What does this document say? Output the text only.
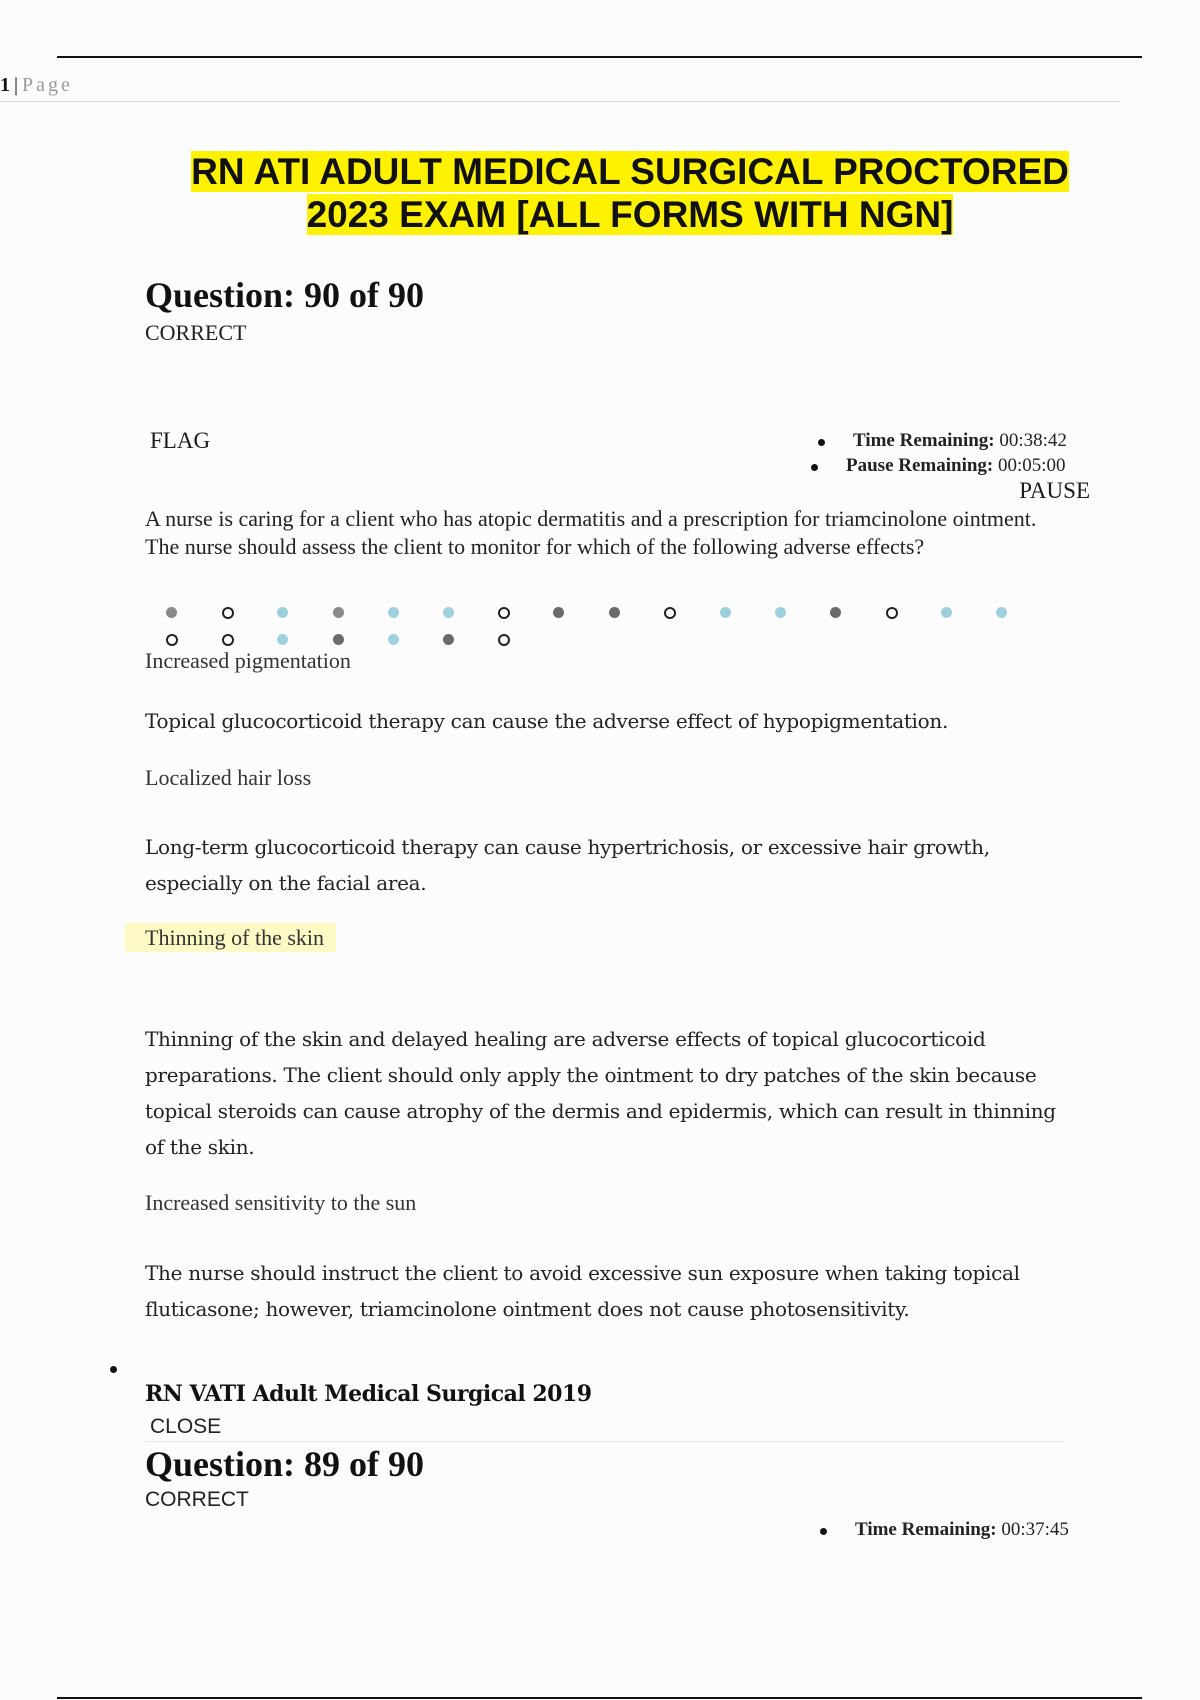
1 | Page
RN ATI ADULT MEDICAL SURGICAL PROCTORED
2023 EXAM [ALL FORMS WITH NGN]
Question: 90 of 90
CORRECT
FLAG	Time Remaining: 00:38:42
Pause Remaining: 00:05:00
PAUSE
A nurse is caring for a client who has atopic dermatitis and a prescription for triamcinolone ointment. The nurse should assess the client to monitor for which of the following adverse effects?
Increased pigmentation
Topical glucocorticoid therapy can cause the adverse effect of hypopigmentation.
Localized hair loss
Long-term glucocorticoid therapy can cause hypertrichosis, or excessive hair growth, especially on the facial area.
Thinning of the skin
Thinning of the skin and delayed healing are adverse effects of topical glucocorticoid preparations. The client should only apply the ointment to dry patches of the skin because topical steroids can cause atrophy of the dermis and epidermis, which can result in thinning of the skin.
Increased sensitivity to the sun
The nurse should instruct the client to avoid excessive sun exposure when taking topical fluticasone; however, triamcinolone ointment does not cause photosensitivity.
RN VATI Adult Medical Surgical 2019
CLOSE
Question: 89 of 90
CORRECT
Time Remaining: 00:37:45
